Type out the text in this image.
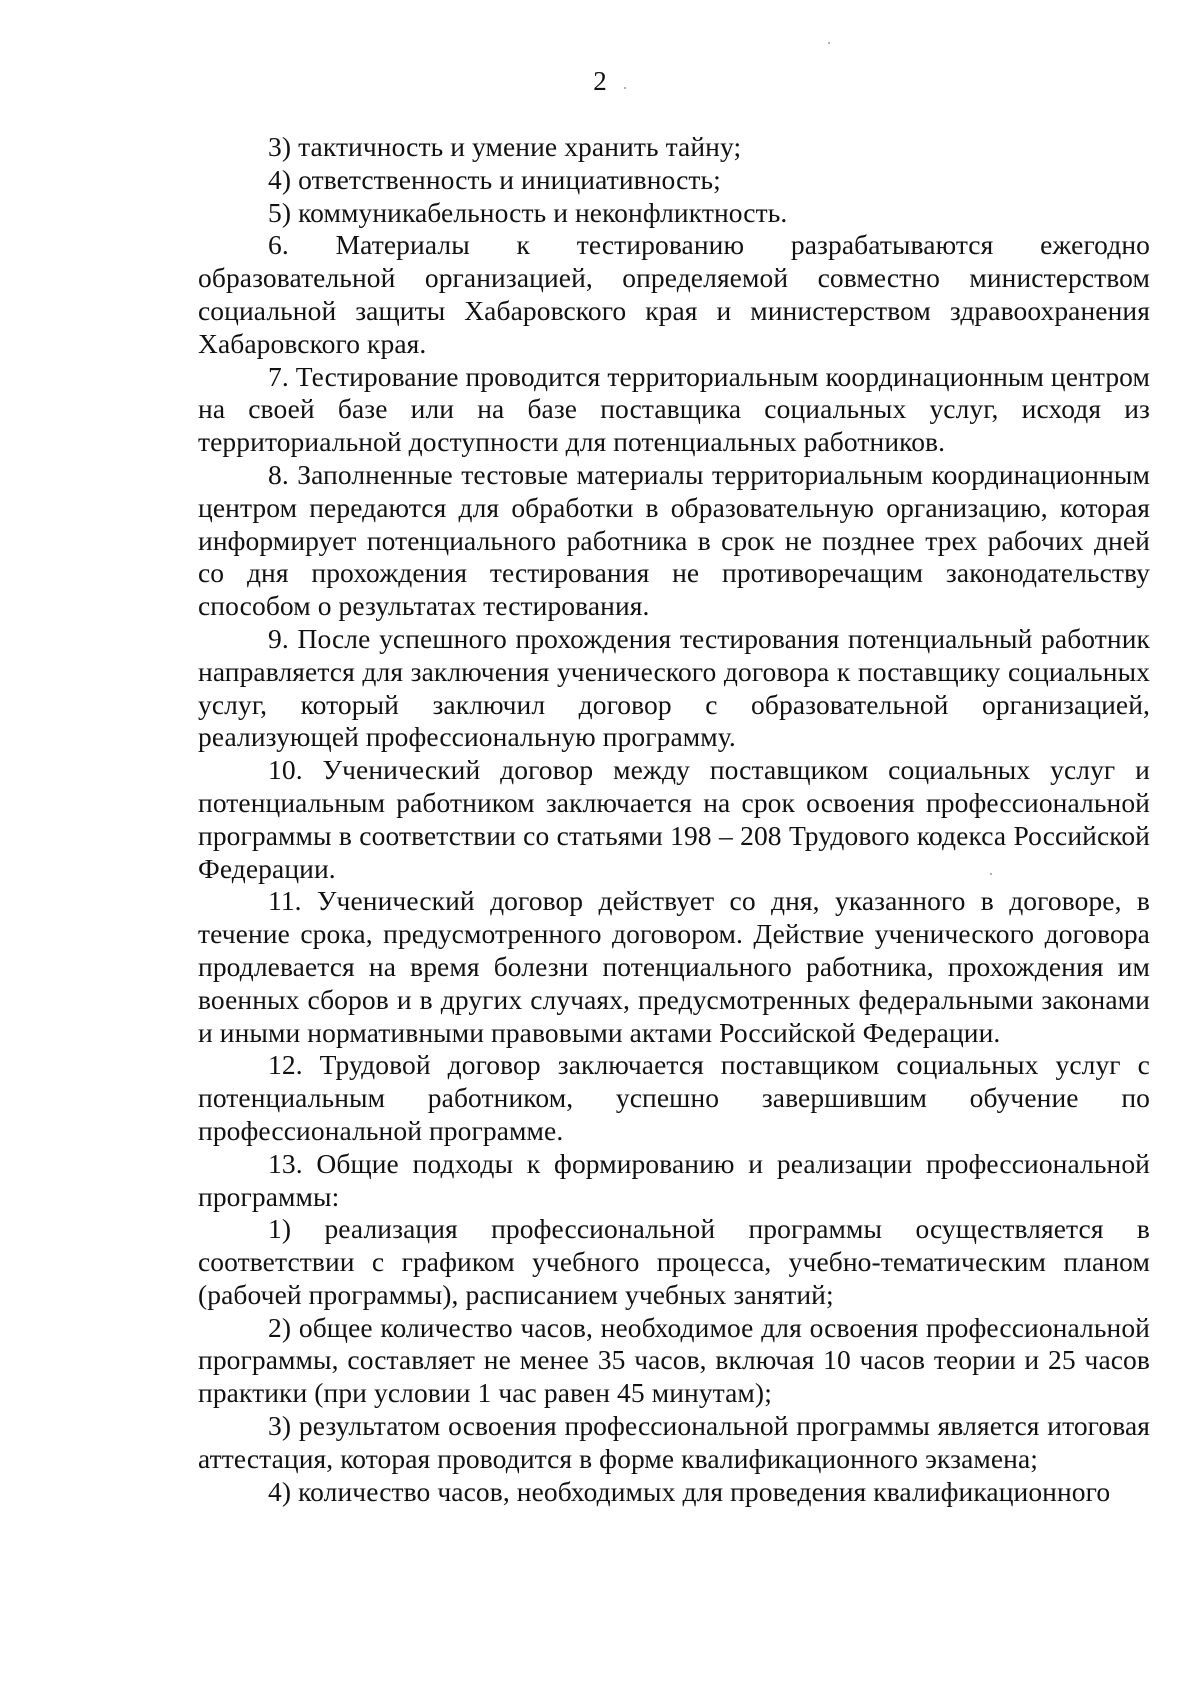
2

3) тактичность и умение хранить тайну;

4) ответственность и инициативность;

5) коммуникабельность и неконфликтность.

6. Материалы к тестированию разрабатываются ежегодно образовательной организацией, определяемой совместно министерством социальной защиты Хабаровского края и министерством здравоохранения Хабаровского края.

7. Тестирование проводится территориальным координационным центром на своей базе или на базе поставщика социальных услуг, исходя из территориальной доступности для потенциальных работников.

8. Заполненные тестовые материалы территориальным координационным центром передаются для обработки в образовательную организацию, которая информирует потенциального работника в срок не позднее трех рабочих дней со дня прохождения тестирования не противоречащим законодательству способом о результатах тестирования.

9. После успешного прохождения тестирования потенциальный работник направляется для заключения ученического договора к поставщику социальных услуг, который заключил договор с образовательной организацией, реализующей профессиональную программу.

10. Ученический договор между поставщиком социальных услуг и потенциальным работником заключается на срок освоения профессиональной программы в соответствии со статьями 198 – 208 Трудового кодекса Российской Федерации.

11. Ученический договор действует со дня, указанного в договоре, в течение срока, предусмотренного договором. Действие ученического договора продлевается на время болезни потенциального работника, прохождения им военных сборов и в других случаях, предусмотренных федеральными законами и иными нормативными правовыми актами Российской Федерации.

12. Трудовой договор заключается поставщиком социальных услуг с потенциальным работником, успешно завершившим обучение по профессиональной программе.

13. Общие подходы к формированию и реализации профессиональной программы:

1) реализация профессиональной программы осуществляется в соответствии с графиком учебного процесса, учебно-тематическим планом (рабочей программы), расписанием учебных занятий;

2) общее количество часов, необходимое для освоения профессиональной программы, составляет не менее 35 часов, включая 10 часов теории и 25 часов практики (при условии 1 час равен 45 минутам);

3) результатом освоения профессиональной программы является итоговая аттестация, которая проводится в форме квалификационного экзамена;

4) количество часов, необходимых для проведения квалификационного
